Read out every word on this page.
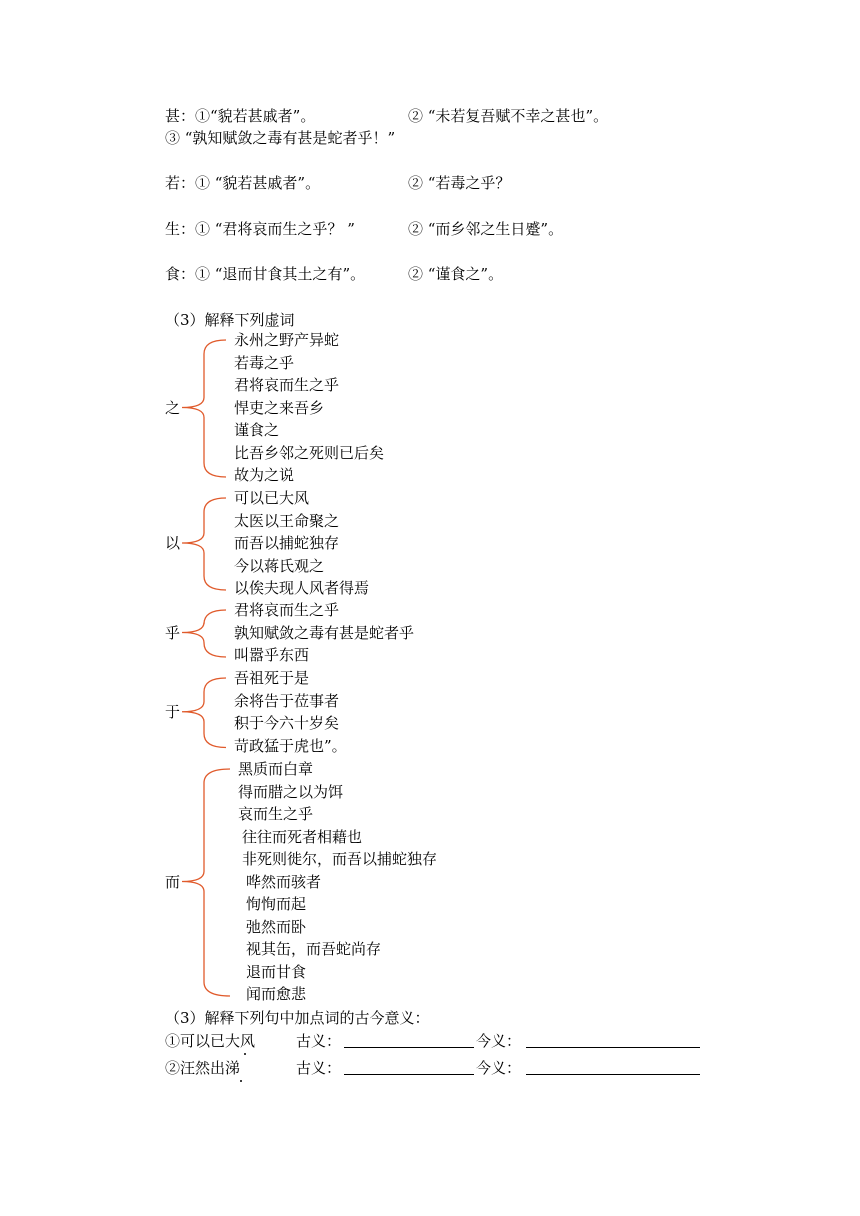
甚：①“貌若甚戚者”。	② “未若复吾赋不幸之甚也”。
③ “孰知赋敛之毒有甚是蛇者乎！”
若：① “貌若甚戚者”。	② “若毒之乎？
生：① “君将哀而生之乎？ ”	② “而乡邻之生日蹙”。
食：① “退而甘食其土之有”。	② “谨食之”。
（3）解释下列虚词
之
永州之野产异蛇
若毒之乎
君将哀而生之乎
悍吏之来吾乡
谨食之
比吾乡邻之死则已后矣
故为之说
以
可以已大风
太医以王命聚之
而吾以捕蛇独存
今以蒋氏观之
以俟夫现人风者得焉
乎
君将哀而生之乎
孰知赋敛之毒有甚是蛇者乎
叫嚣乎东西
于
吾祖死于是
余将告于莅事者
积于今六十岁矣
苛政猛于虎也”。
而
黑质而白章
得而腊之以为饵
哀而生之乎
往往而死者相藉也
非死则徙尔，而吾以捕蛇独存
哗然而骇者
恂恂而起
弛然而卧
视其缶，而吾蛇尚存
退而甘食
闻而愈悲
（3）解释下列句中加点词的古今意义：
①可以已大风	古义：	今义：
②汪然出涕	古义：	今义：
